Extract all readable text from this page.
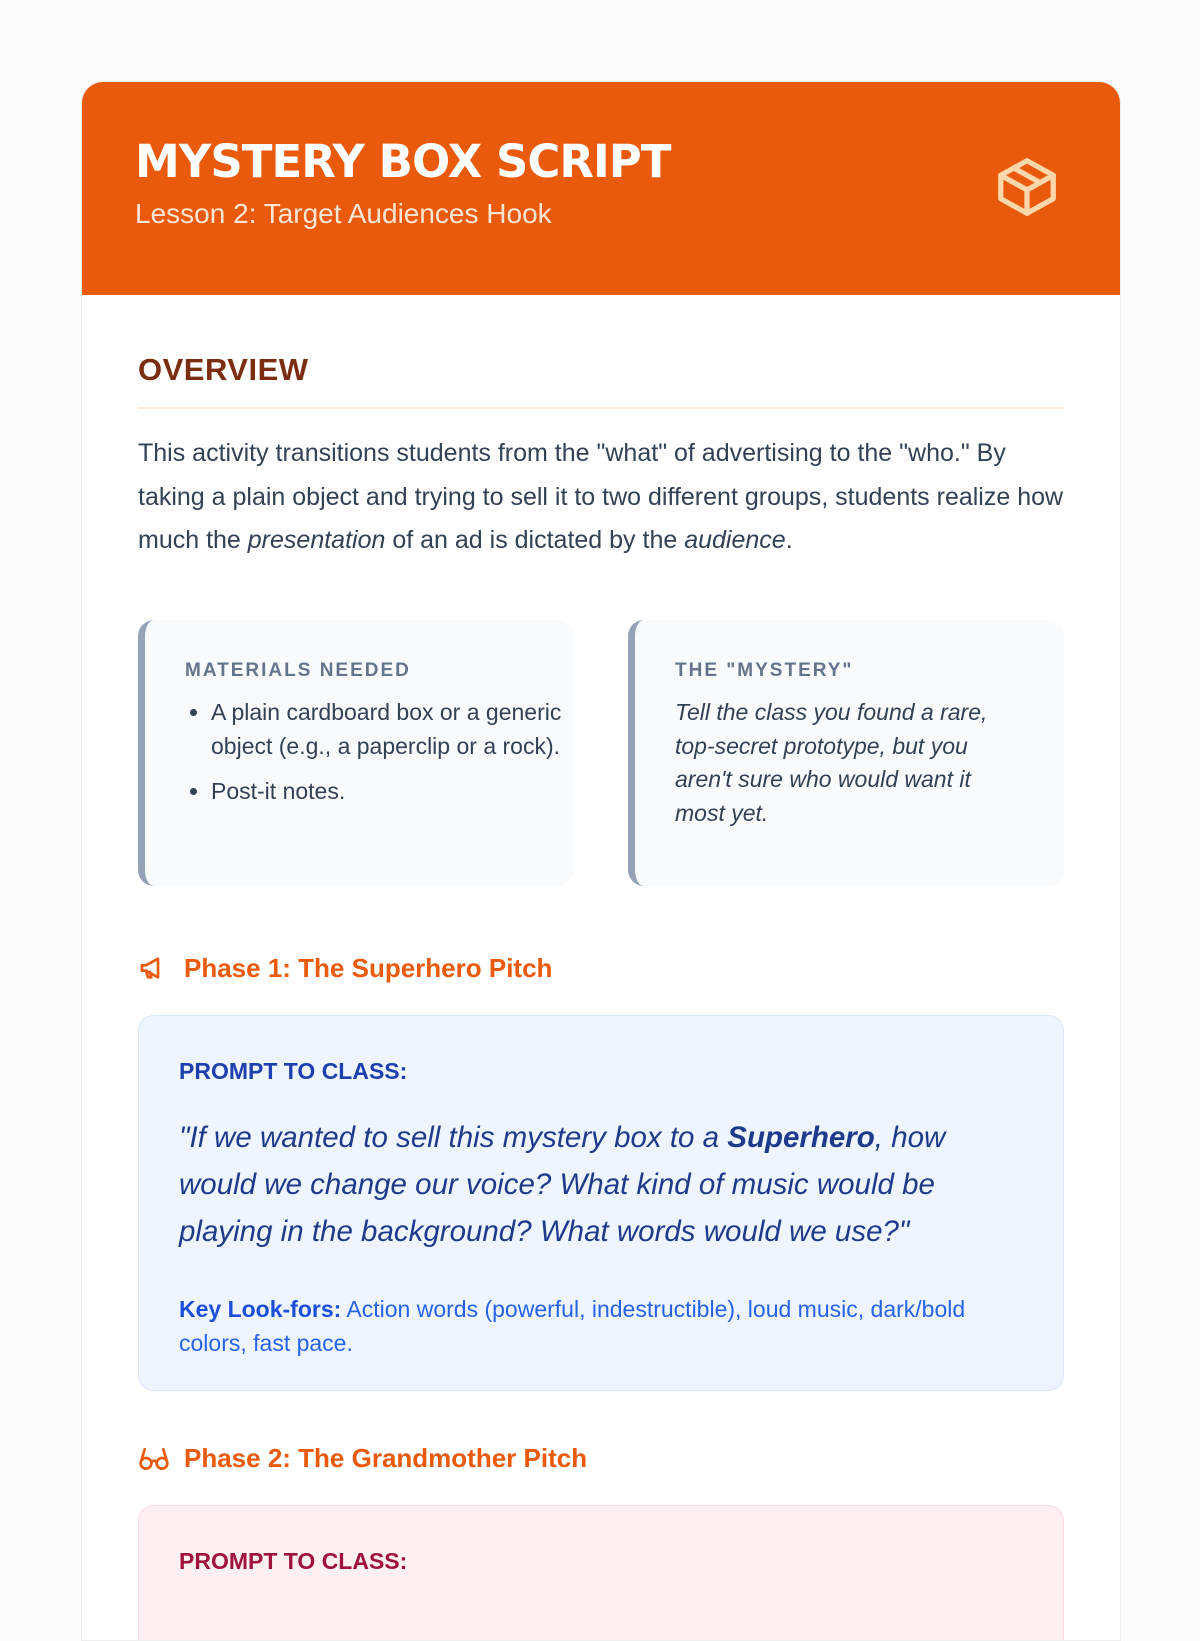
MYSTERY BOX SCRIPT
Lesson 2: Target Audiences Hook
OVERVIEW

This activity transitions students from the "what" of advertising to the "who." By taking a plain object and trying to sell it to two different groups, students realize how much the presentation of an ad is dictated by the audience.

MATERIALS NEEDED
• A plain cardboard box or a generic object (e.g., a paperclip or a rock).
• Post-it notes.
THE "MYSTERY"

Tell the class you found a rare, top-secret prototype, but you aren't sure who would want it most yet.

Phase 1: The Superhero Pitch
PROMPT TO CLASS:

"If we wanted to sell this mystery box to a Superhero, how would we change our voice? What kind of music would be playing in the background? What words would we use?"

Key Look-fors: Action words (powerful, indestructible), loud music, dark/bold colors, fast pace.

Phase 2: The Grandmother Pitch
PROMPT TO CLASS:
